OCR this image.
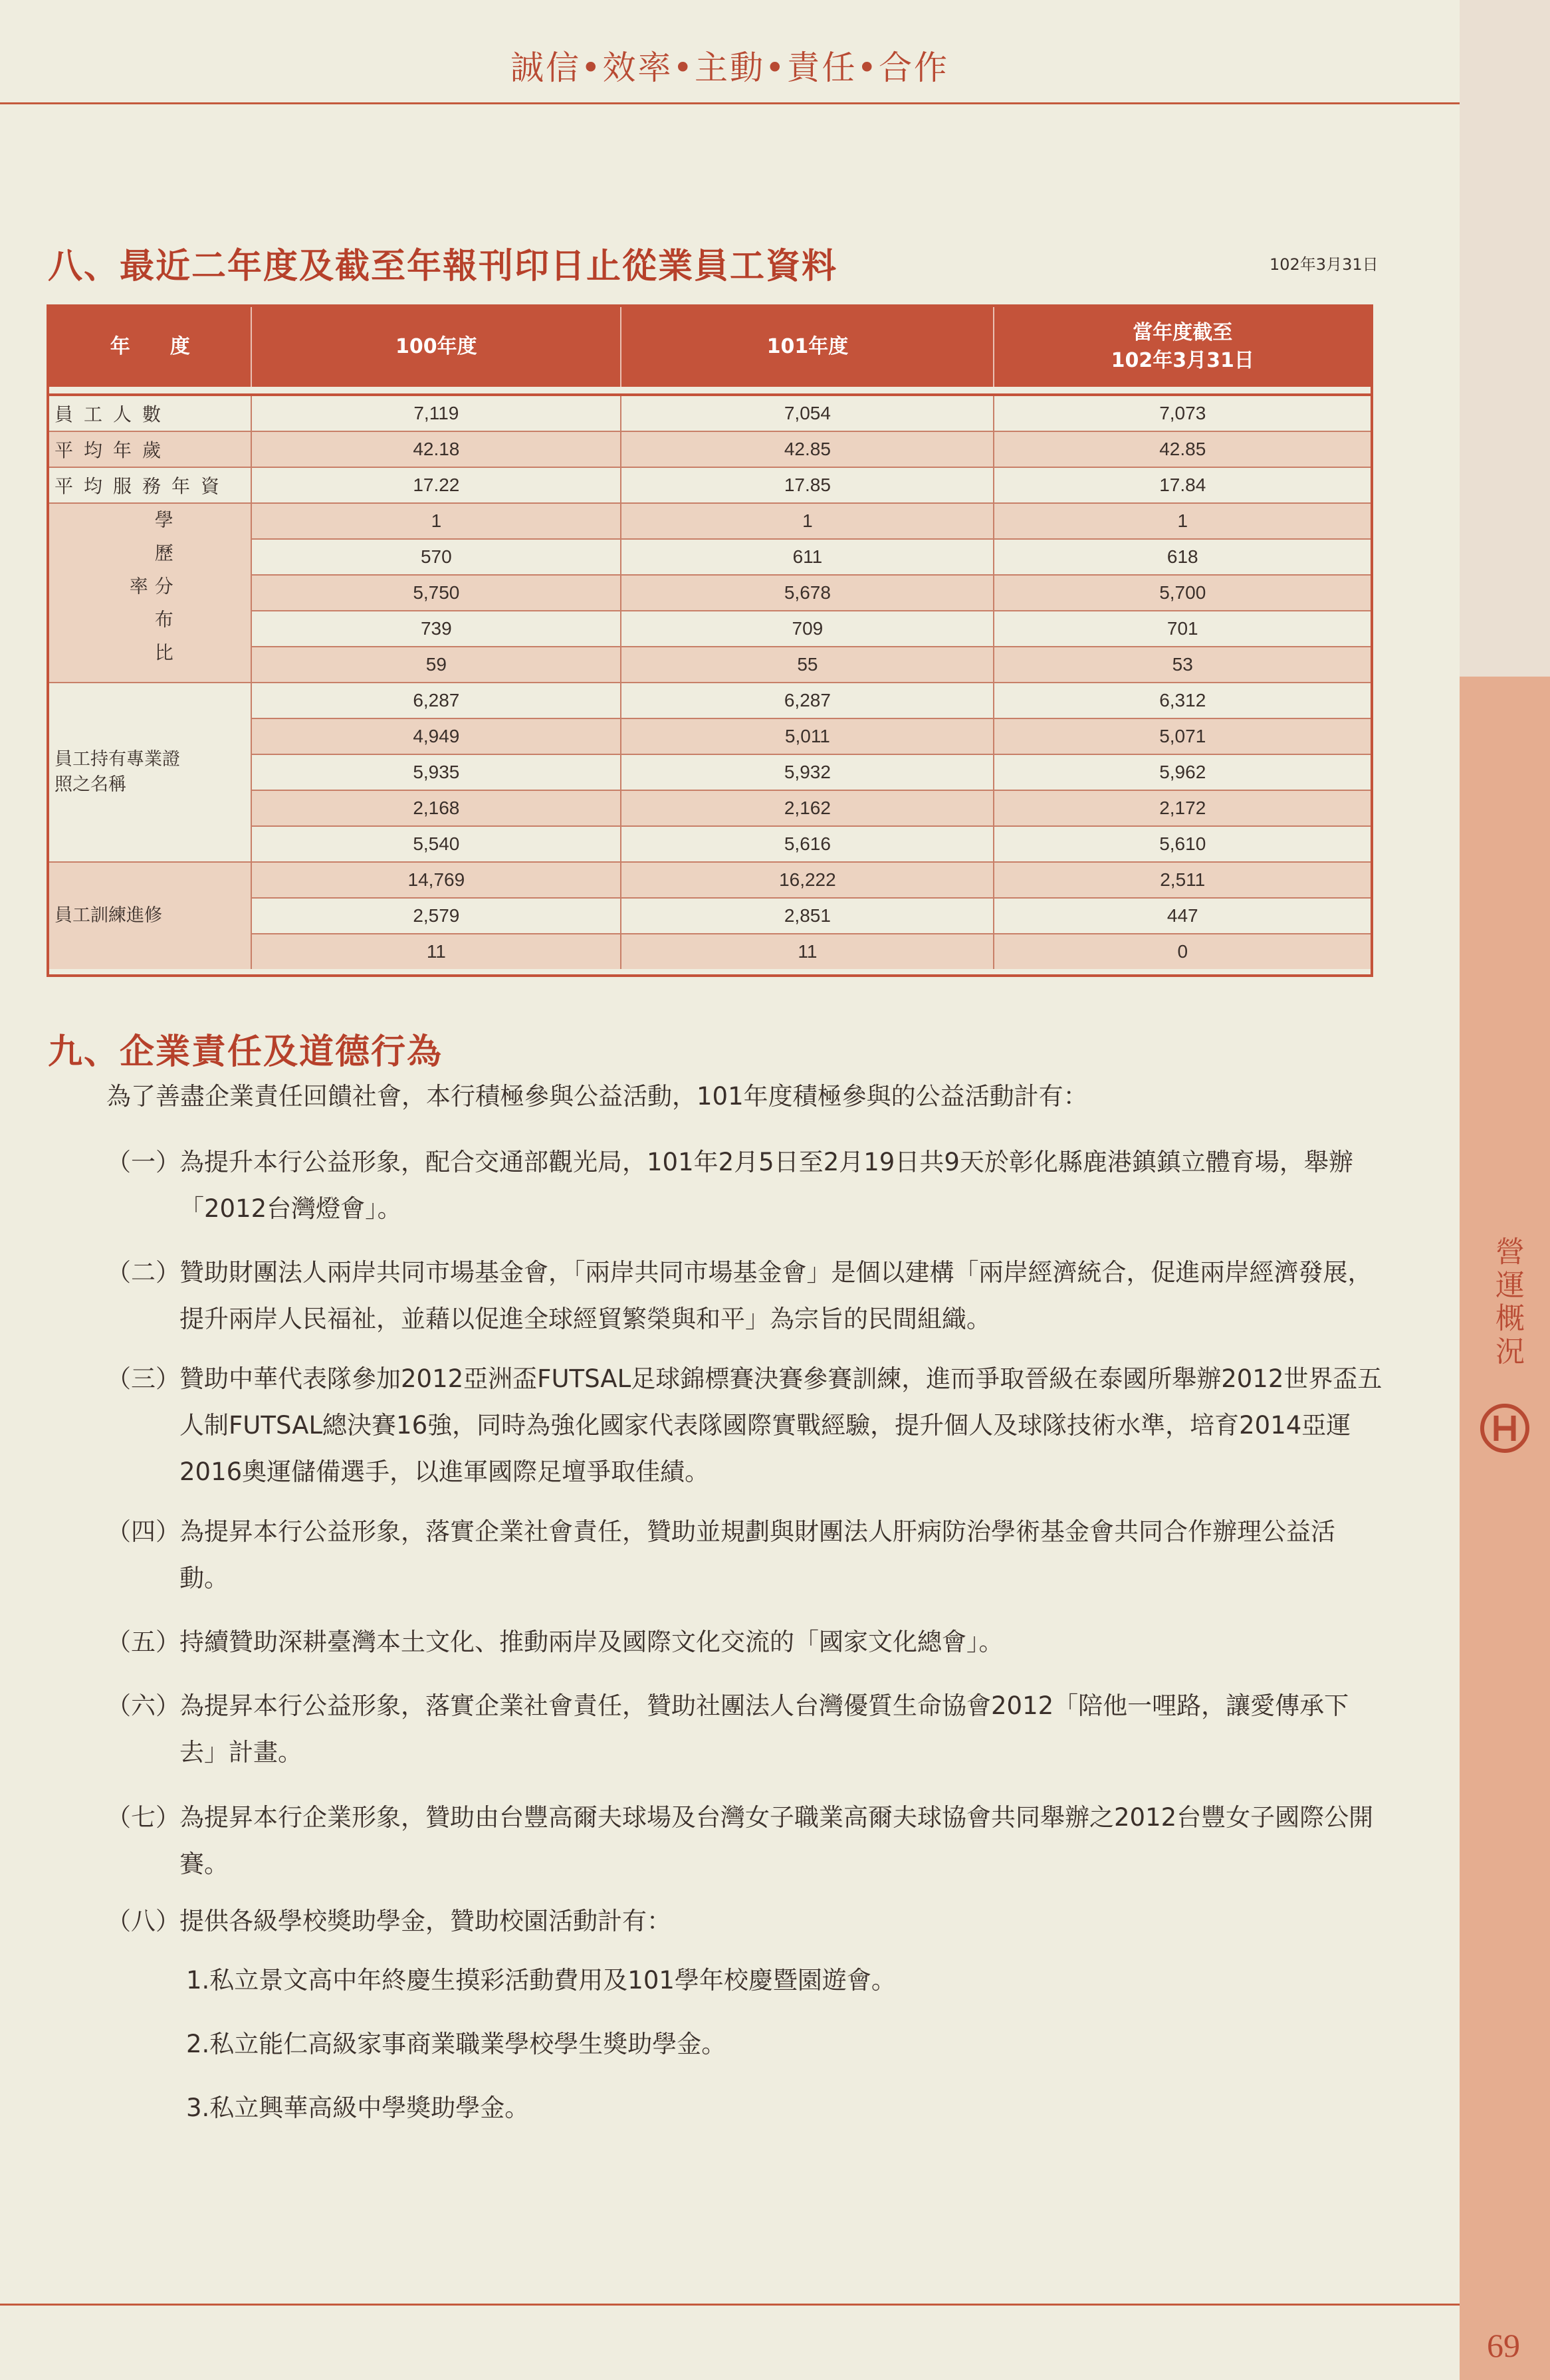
營運概況
誠信•效率•主動•責任•合作
八、最近二年度及截至年報刊印日止從業員工資料	102年3月31日
年　　度	100年度	101年度	當年度截至
102年3月31日

員工人數	7,119	7,054	7,073
平均年歲	42.18	42.85	42.85
平均服務年資	17.22	17.85	17.84

學歷分布比率		1	1	1
	570	611	618
	5,750	5,678	5,700
	739	709	701
	59	55	53

員工持有專業證照之名稱		6,287	6,287	6,312
	4,949	5,011	5,071
	5,935	5,932	5,962
	2,168	2,162	2,172
	5,540	5,616	5,610

員工訓練進修		14,769	16,222	2,511
	2,579	2,851	447
	11	11	0
九、企業責任及道德行為
為了善盡企業責任回饋社會，本行積極參與公益活動，101年度積極參與的公益活動計有：
（一） 為提升本行公益形象，配合交通部觀光局，101年2月5日至2月19日共9天於彰化縣鹿港鎮鎮立體育場，舉辦「2012台灣燈會」。
（二） 贊助財團法人兩岸共同市場基金會，「兩岸共同市場基金會」是個以建構「兩岸經濟統合，促進兩岸經濟發展，提升兩岸人民福祉，並藉以促進全球經貿繁榮與和平」為宗旨的民間組織。
（三） 贊助中華代表隊參加2012亞洲盃FUTSAL足球錦標賽決賽參賽訓練，進而爭取晉級在泰國所舉辦2012世界盃五人制FUTSAL總決賽16強，同時為強化國家代表隊國際實戰經驗，提升個人及球隊技術水準，培育2014亞運2016奧運儲備選手，以進軍國際足壇爭取佳績。
（四） 為提昇本行公益形象，落實企業社會責任，贊助並規劃與財團法人肝病防治學術基金會共同合作辦理公益活動。
（五） 持續贊助深耕臺灣本土文化、推動兩岸及國際文化交流的「國家文化總會」。
（六） 為提昇本行公益形象，落實企業社會責任，贊助社團法人台灣優質生命協會2012「陪他一哩路，讓愛傳承下去」計畫。
（七） 為提昇本行企業形象，贊助由台豐高爾夫球場及台灣女子職業高爾夫球協會共同舉辦之2012台豐女子國際公開賽。
（八） 提供各級學校獎助學金，贊助校園活動計有：
1.私立景文高中年終慶生摸彩活動費用及101學年校慶暨園遊會。
2.私立能仁高級家事商業職業學校學生獎助學金。
3.私立興華高級中學獎助學金。
69
